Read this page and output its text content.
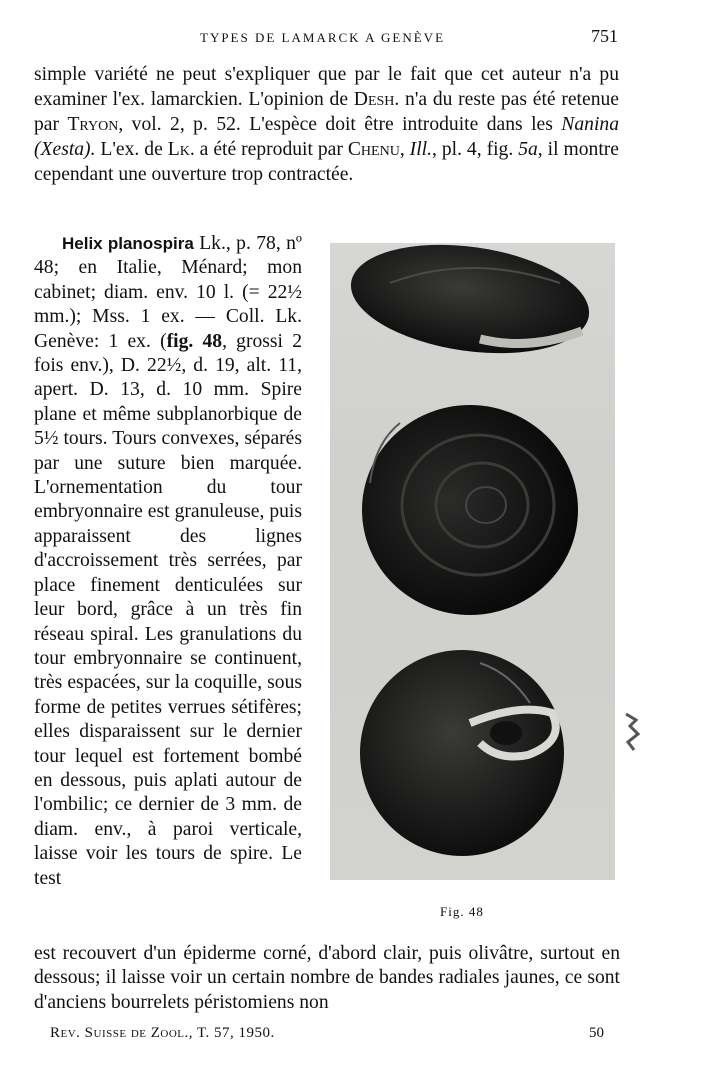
TYPES DE LAMARCK A GENÈVE	751

simple variété ne peut s'expliquer que par le fait que cet auteur n'a pu examiner l'ex. lamarckien. L'opinion de Desh. n'a du reste pas été retenue par Tryon, vol. 2, p. 52. L'espèce doit être introduite dans les Nanina (Xesta). L'ex. de Lk. a été reproduit par Chenu, Ill., pl. 4, fig. 5a, il montre cependant une ouverture trop contractée.

Helix planospira Lk., p. 78, nº 48; en Italie, Ménard; mon cabinet; diam. env. 10 l. (= 22½ mm.); Mss. 1 ex. — Coll. Lk. Genève: 1 ex. (fig. 48, grossi 2 fois env.), D. 22½, d. 19, alt. 11, apert. D. 13, d. 10 mm. Spire plane et même subplanorbique de 5½ tours. Tours convexes, séparés par une suture bien marquée. L'ornementation du tour embryonnaire est granuleuse, puis apparaissent des lignes d'accroissement très serrées, par place finement denticulées sur leur bord, grâce à un très fin réseau spiral. Les granulations du tour embryonnaire se continuent, très espacées, sur la coquille, sous forme de petites verrues sétifères; elles disparaissent sur le dernier tour lequel est fortement bombé en dessous, puis aplati autour de l'ombilic; ce dernier de 3 mm. de diam. env., à paroi verticale, laisse voir les tours de spire. Le test

Fig. 48

est recouvert d'un épiderme corné, d'abord clair, puis olivâtre, surtout en dessous; il laisse voir un certain nombre de bandes radiales jaunes, ce sont d'anciens bourrelets péristomiens non

Rev. Suisse de Zool., T. 57, 1950.	50
